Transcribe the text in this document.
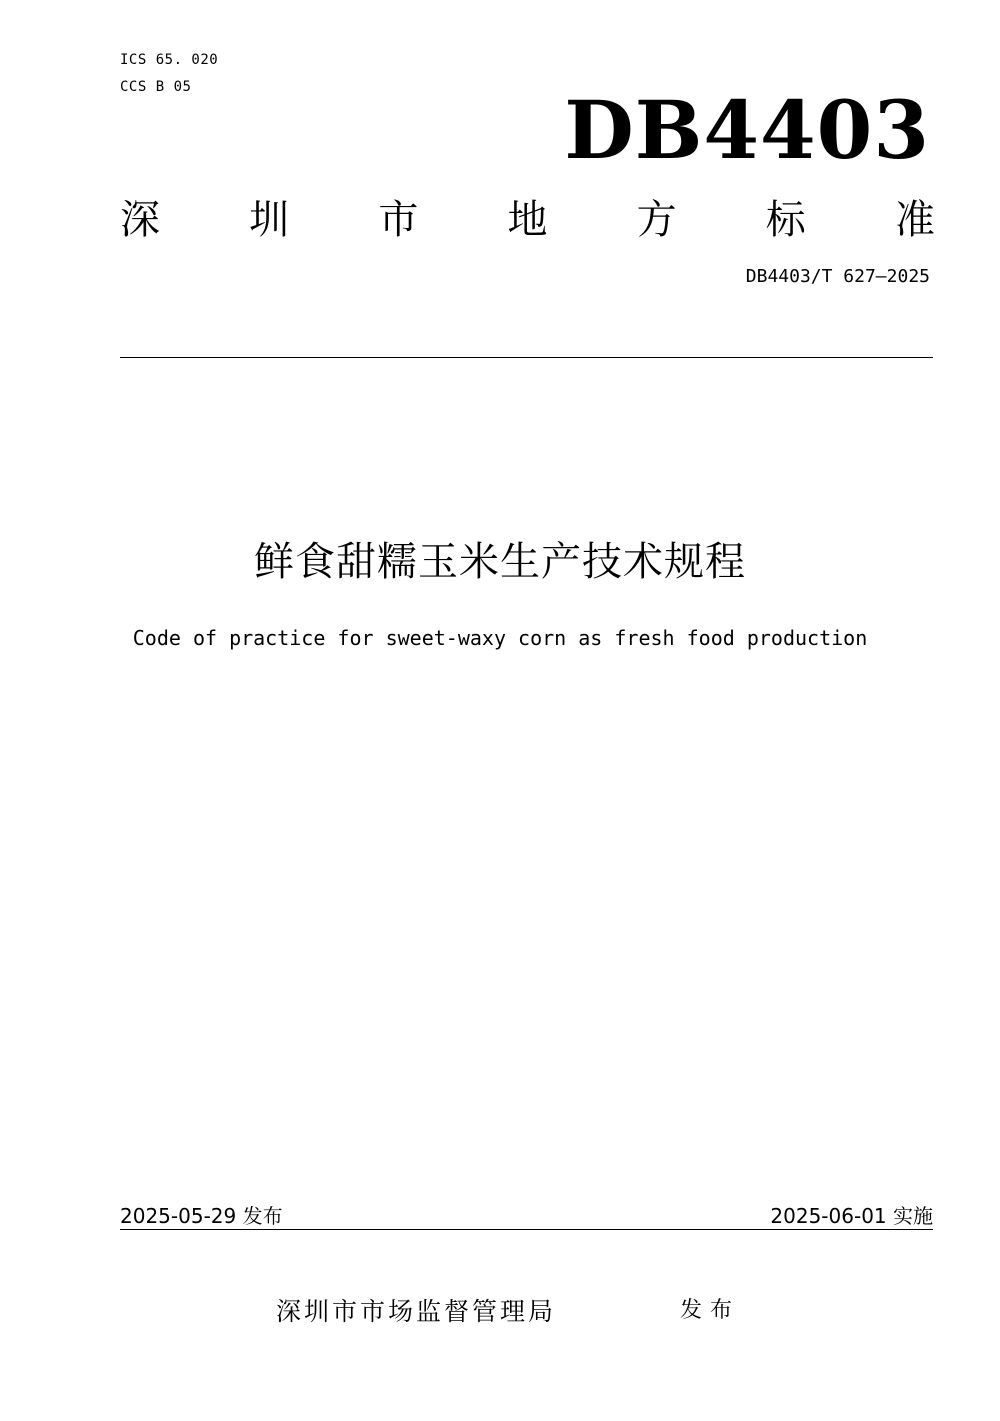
ICS 65. 020
CCS B 05	DB4403
深 圳 市 地 方 标 准
DB4403/T 627—2025
鲜食甜糯玉米生产技术规程
Code of practice for sweet-waxy corn as fresh food production
2025-05-29 发布	2025-06-01 实施
深圳市市场监督管理局	发布
